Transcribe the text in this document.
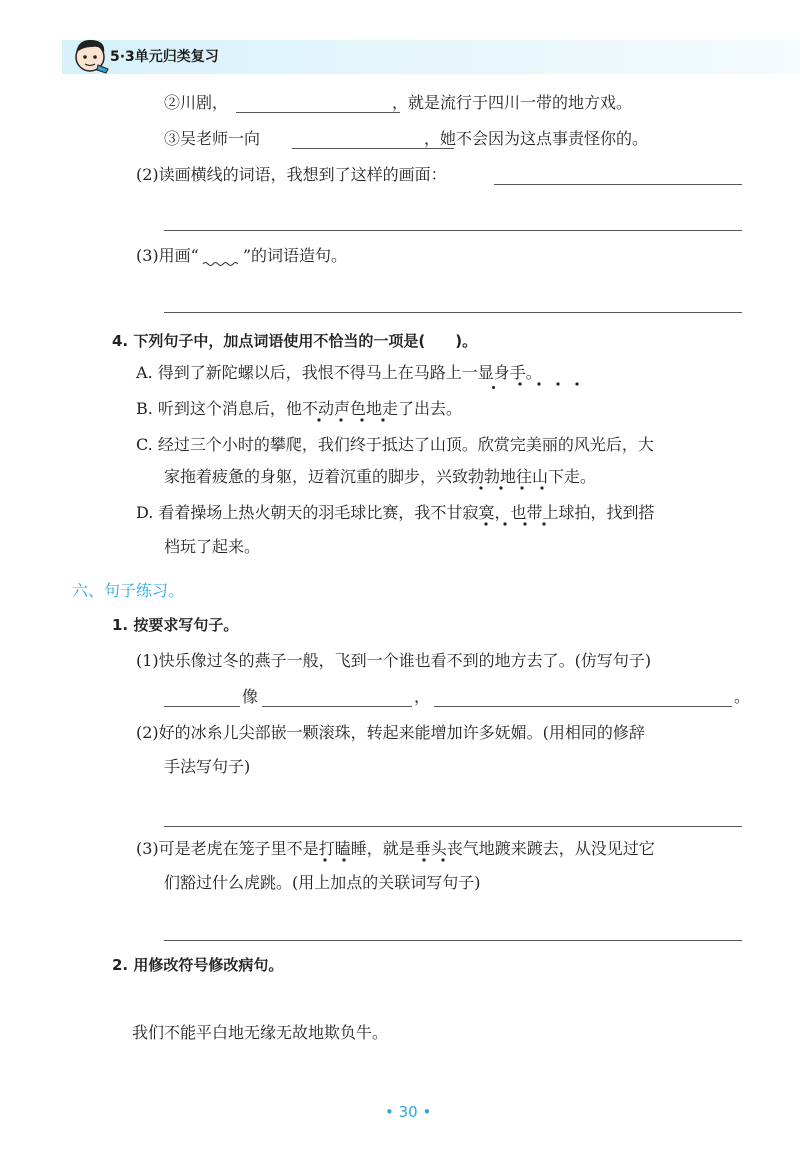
5·3单元归类复习
②川剧，	，就是流行于四川一带的地方戏。
③吴老师一向	，她不会因为这点事责怪你的。
(2)读画横线的词语，我想到了这样的画面：
(3)用画“	”的词语造句。
4. 下列句子中，加点词语使用不恰当的一项是(　　)。
A. 得到了新陀螺以后，我恨不得马上在马路上一显身手。
B. 听到这个消息后，他不动声色地走了出去。
C. 经过三个小时的攀爬，我们终于抵达了山顶。欣赏完美丽的风光后，大
家拖着疲惫的身躯，迈着沉重的脚步，兴致勃勃地往山下走。
D. 看着操场上热火朝天的羽毛球比赛，我不甘寂寞，也带上球拍，找到搭
档玩了起来。
六、句子练习。
1. 按要求写句子。
(1)快乐像过冬的燕子一般，飞到一个谁也看不到的地方去了。(仿写句子)
像	，	。
(2)好的冰糸儿尖部嵌一颗滚珠，转起来能增加许多妩媚。(用相同的修辞
手法写句子)
(3)可是老虎在笼子里不是打瞌睡，就是垂头丧气地踱来踱去，从没见过它
们豁过什么虎跳。(用上加点的关联词写句子)
2. 用修改符号修改病句。
我们不能平白地无缘无故地欺负牛。
• 30 •
